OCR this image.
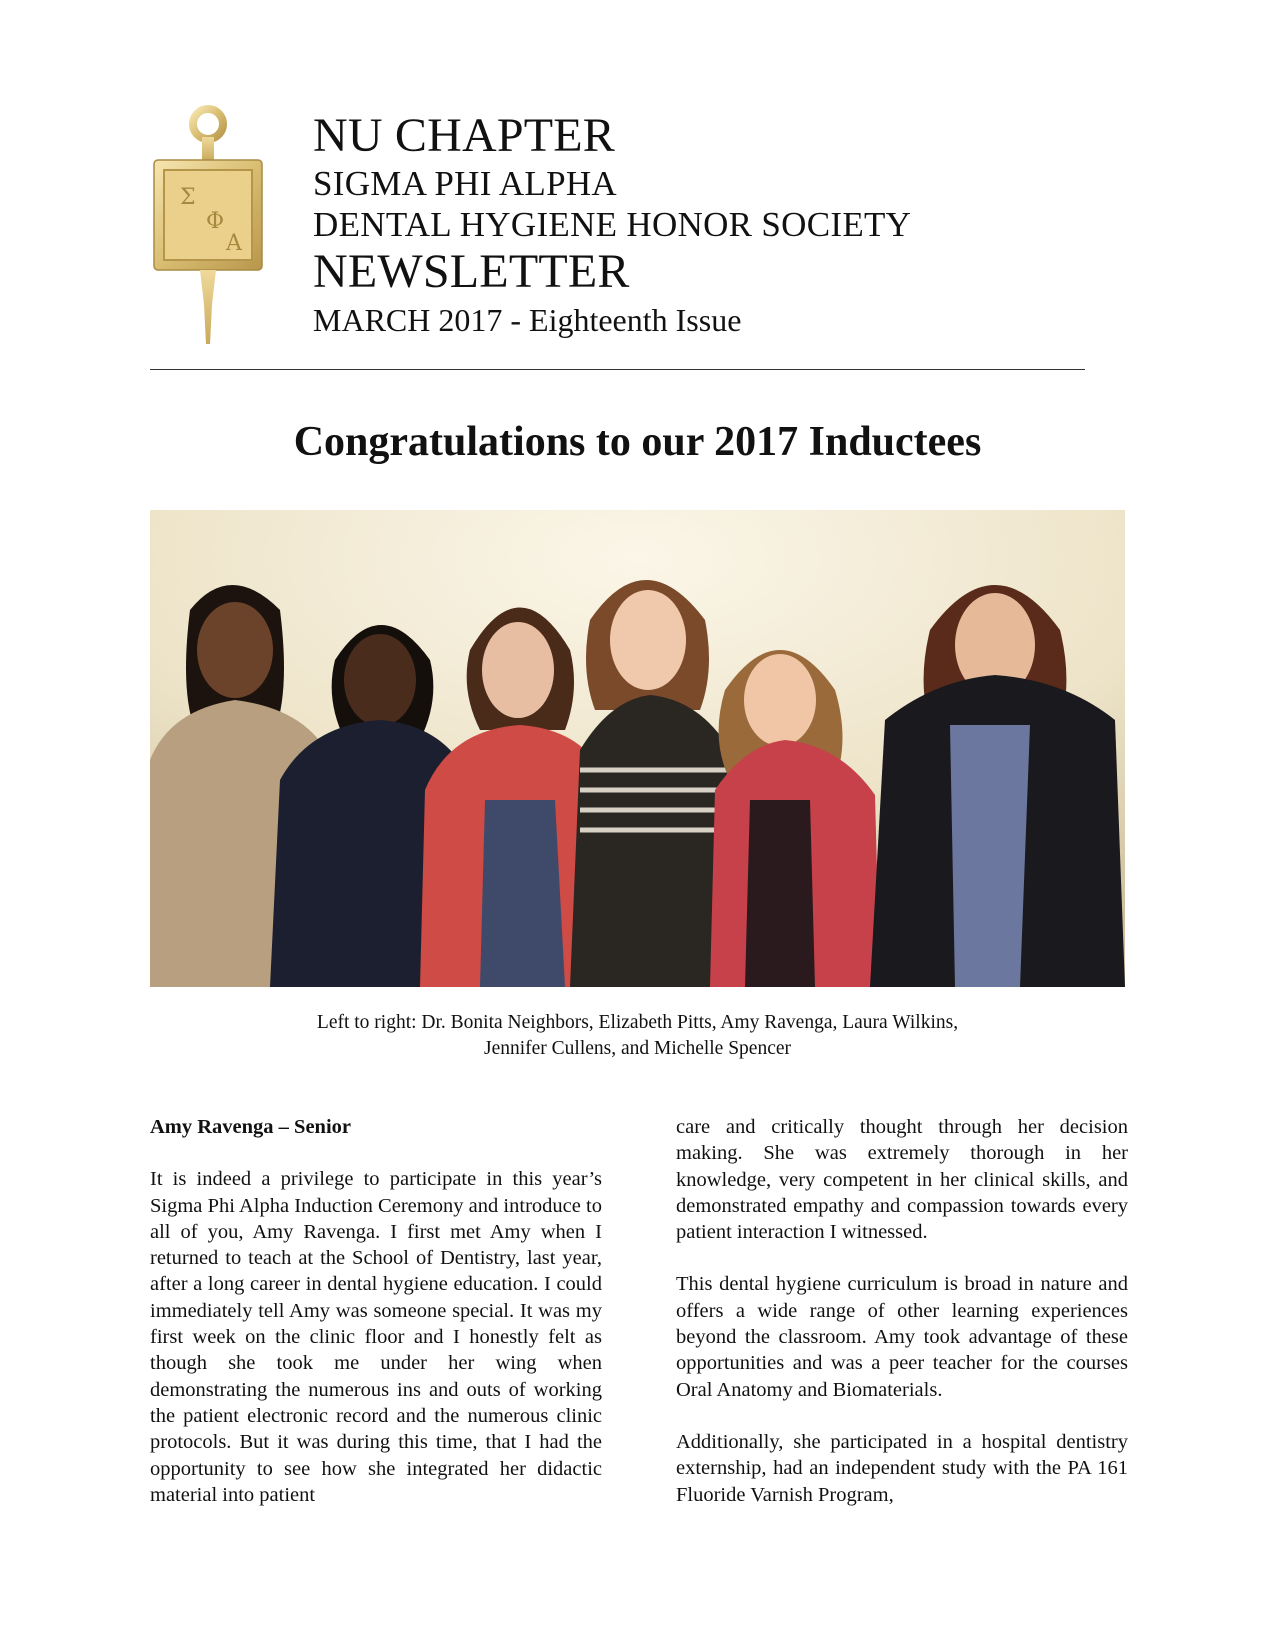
Σ
Φ
Α
NU CHAPTER
SIGMA PHI ALPHA
DENTAL HYGIENE HONOR SOCIETY
NEWSLETTER
MARCH 2017 - Eighteenth Issue
Congratulations to our 2017 Inductees
Left to right: Dr. Bonita Neighbors, Elizabeth Pitts, Amy Ravenga, Laura Wilkins,
Jennifer Cullens, and Michelle Spencer
Amy Ravenga – Senior

It is indeed a privilege to participate in this year’s Sigma Phi Alpha Induction Ceremony and introduce to all of you, Amy Ravenga. I first met Amy when I returned to teach at the School of Dentistry, last year, after a long career in dental hygiene education. I could immediately tell Amy was someone special. It was my first week on the clinic floor and I honestly felt as though she took me under her wing when demonstrating the numerous ins and outs of working the patient electronic record and the numerous clinic protocols. But it was during this time, that I had the opportunity to see how she integrated her didactic material into patient

care and critically thought through her decision making. She was extremely thorough in her knowledge, very competent in her clinical skills, and demonstrated empathy and compassion towards every patient interaction I witnessed.

This dental hygiene curriculum is broad in nature and offers a wide range of other learning experiences beyond the classroom. Amy took advantage of these opportunities and was a peer teacher for the courses Oral Anatomy and Biomaterials.

Additionally, she participated in a hospital dentistry externship, had an independent study with the PA 161 Fluoride Varnish Program,
